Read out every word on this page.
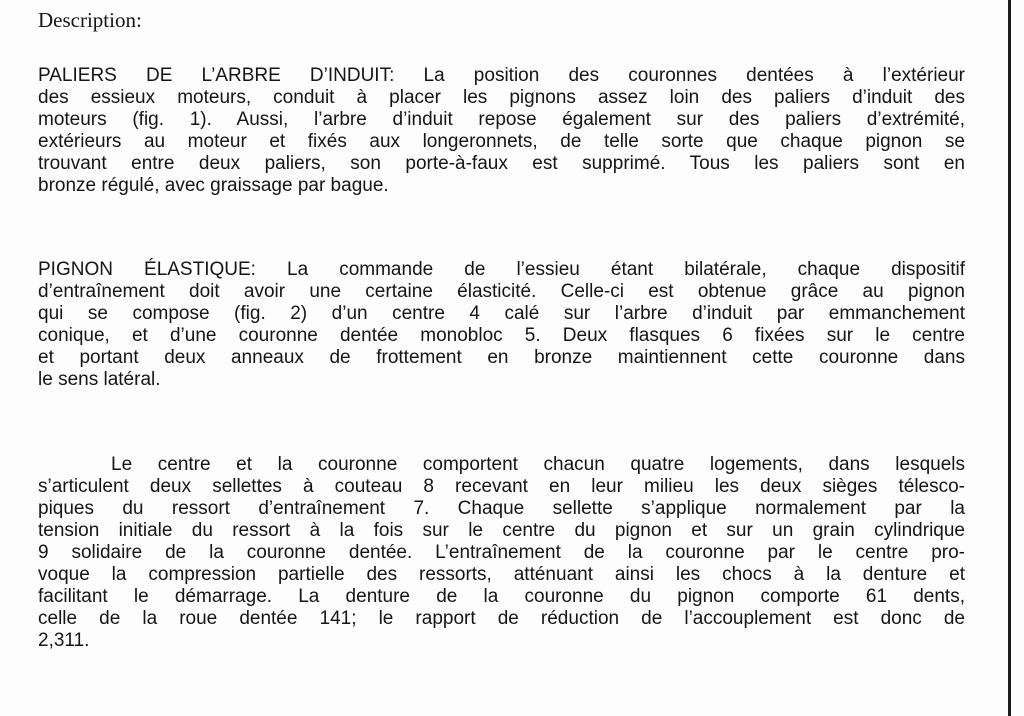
Description:
PALIERS DE L’ARBRE D’INDUIT: La position des couronnes dentées à l’extérieur
des essieux moteurs, conduit à placer les pignons assez loin des paliers d’induit des
moteurs (fig. 1). Aussi, l’arbre d’induit repose également sur des paliers d’extrémité,
extérieurs au moteur et fixés aux longeronnets, de telle sorte que chaque pignon se
trouvant entre deux paliers, son porte-à-faux est supprimé. Tous les paliers sont en
bronze régulé, avec graissage par bague.
PIGNON ÉLASTIQUE: La commande de l’essieu étant bilatérale, chaque dispositif
d’entraînement doit avoir une certaine élasticité. Celle-ci est obtenue grâce au pignon
qui se compose (fig. 2) d’un centre 4 calé sur l’arbre d’induit par emmanchement
conique, et d’une couronne dentée monobloc 5. Deux flasques 6 fixées sur le centre
et portant deux anneaux de frottement en bronze maintiennent cette couronne dans
le sens latéral.
Le centre et la couronne comportent chacun quatre logements, dans lesquels
s’articulent deux sellettes à couteau 8 recevant en leur milieu les deux sièges télesco-
piques du ressort d’entraînement 7. Chaque sellette s’applique normalement par la
tension initiale du ressort à la fois sur le centre du pignon et sur un grain cylindrique
9 solidaire de la couronne dentée. L’entraînement de la couronne par le centre pro-
voque la compression partielle des ressorts, atténuant ainsi les chocs à la denture et
facilitant le démarrage. La denture de la couronne du pignon comporte 61 dents,
celle de la roue dentée 141; le rapport de réduction de l’accouplement est donc de
2,311.
